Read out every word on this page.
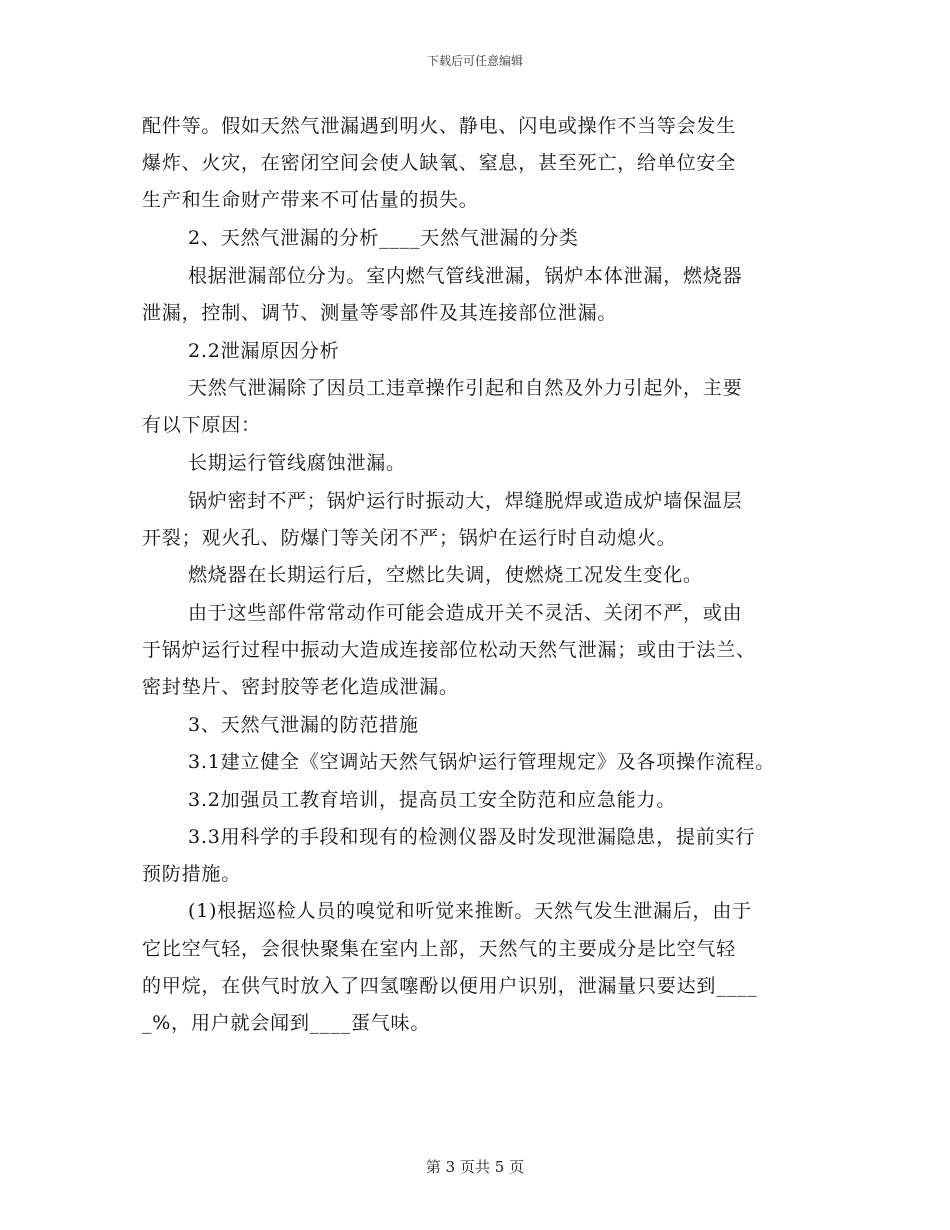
下载后可任意编辑
配件等。假如天然气泄漏遇到明火、静电、闪电或操作不当等会发生
爆炸、火灾，在密闭空间会使人缺氧、窒息，甚至死亡，给单位安全
生产和生命财产带来不可估量的损失。
2、天然气泄漏的分析____天然气泄漏的分类
根据泄漏部位分为。室内燃气管线泄漏，锅炉本体泄漏，燃烧器
泄漏，控制、调节、测量等零部件及其连接部位泄漏。
2.2泄漏原因分析
天然气泄漏除了因员工违章操作引起和自然及外力引起外，主要
有以下原因：
长期运行管线腐蚀泄漏。
锅炉密封不严；锅炉运行时振动大，焊缝脱焊或造成炉墙保温层
开裂；观火孔、防爆门等关闭不严；锅炉在运行时自动熄火。
燃烧器在长期运行后，空燃比失调，使燃烧工况发生变化。
由于这些部件常常动作可能会造成开关不灵活、关闭不严，或由
于锅炉运行过程中振动大造成连接部位松动天然气泄漏；或由于法兰、
密封垫片、密封胶等老化造成泄漏。
3、天然气泄漏的防范措施
3.1建立健全《空调站天然气锅炉运行管理规定》及各项操作流程。
3.2加强员工教育培训，提高员工安全防范和应急能力。
3.3用科学的手段和现有的检测仪器及时发现泄漏隐患，提前实行
预防措施。
(1)根据巡检人员的嗅觉和听觉来推断。天然气发生泄漏后，由于
它比空气轻，会很快聚集在室内上部，天然气的主要成分是比空气轻
的甲烷，在供气时放入了四氢噻酚以便用户识别，泄漏量只要达到____
_%，用户就会闻到____蛋气味。
第 3 页共 5 页
